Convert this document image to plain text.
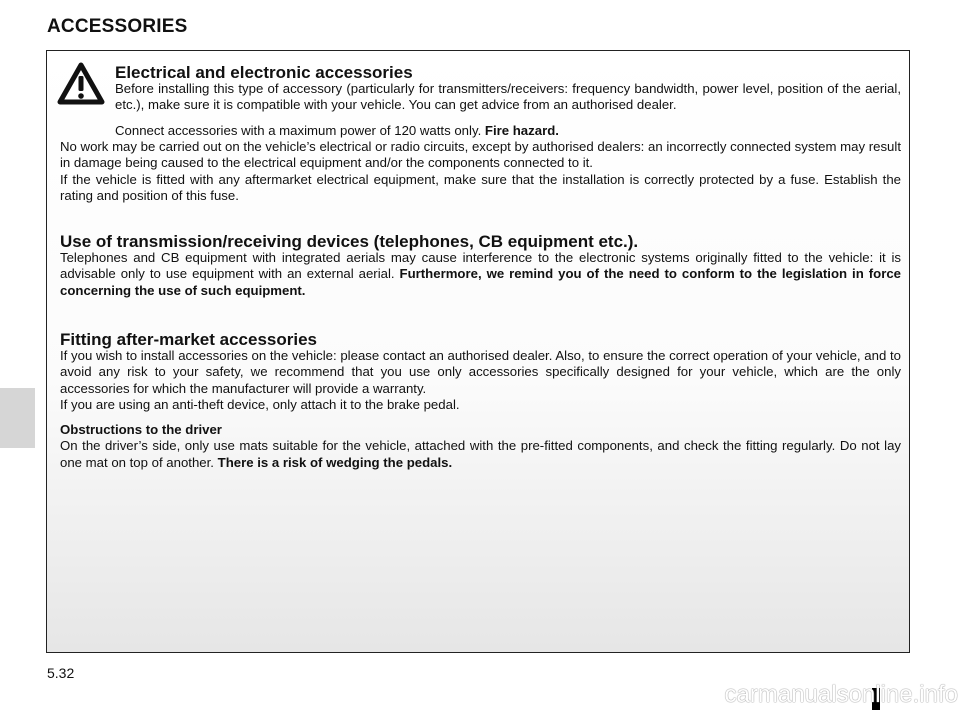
ACCESSORIES
Electrical and electronic accessories

Before installing this type of accessory (particularly for transmitters/receivers: frequency bandwidth, power level, position of the aerial, etc.), make sure it is compatible with your vehicle. You can get advice from an authorised dealer.

Connect accessories with a maximum power of 120 watts only. Fire hazard.

No work may be carried out on the vehicle’s electrical or radio circuits, except by authorised dealers: an incorrectly connected system may result in damage being caused to the electrical equipment and/or the components connected to it.

If the vehicle is fitted with any aftermarket electrical equipment, make sure that the installation is correctly protected by a fuse. Establish the rating and position of this fuse.

Use of transmission/receiving devices (telephones, CB equipment etc.).

Telephones and CB equipment with integrated aerials may cause interference to the electronic systems originally fitted to the vehicle: it is advisable only to use equipment with an external aerial. Furthermore, we remind you of the need to conform to the legislation in force concerning the use of such equipment.

Fitting after-market accessories

If you wish to install accessories on the vehicle: please contact an authorised dealer. Also, to ensure the correct operation of your vehicle, and to avoid any risk to your safety, we recommend that you use only accessories specifically designed for your vehicle, which are the only accessories for which the manufacturer will provide a warranty.

If you are using an anti-theft device, only attach it to the brake pedal.

Obstructions to the driver

On the driver’s side, only use mats suitable for the vehicle, attached with the pre-fitted components, and check the fitting regularly. Do not lay one mat on top of another. There is a risk of wedging the pedals.

5.32
carmanualsonline.info
